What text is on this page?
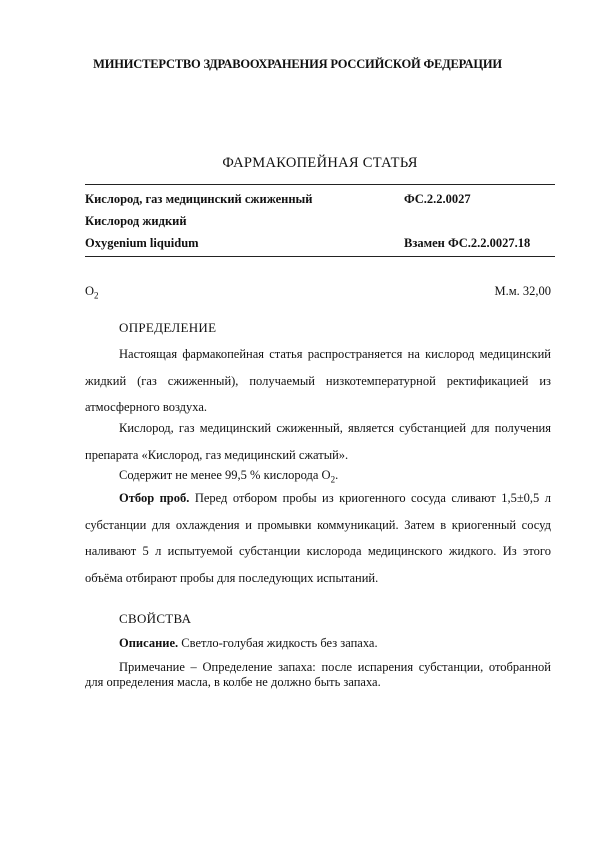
МИНИСТЕРСТВО ЗДРАВООХРАНЕНИЯ РОССИЙСКОЙ ФЕДЕРАЦИИ
ФАРМАКОПЕЙНАЯ СТАТЬЯ
Кислород, газ медицинский сжиженный	ФС.2.2.0027
Кислород жидкий
Oxygenium liquidum	Взамен ФС.2.2.0027.18
$O_2$	М.м. 32,00
ОПРЕДЕЛЕНИЕ
Настоящая фармакопейная статья распространяется на кислород медицинский жидкий (газ сжиженный), получаемый низкотемпературной ректификацией из атмосферного воздуха.
Кислород, газ медицинский сжиженный, является субстанцией для получения препарата «Кислород, газ медицинский сжатый».
Содержит не менее 99,5 % кислорода $O_2$.
Отбор проб. Перед отбором пробы из криогенного сосуда сливают 1,5±0,5 л субстанции для охлаждения и промывки коммуникаций. Затем в криогенный сосуд наливают 5 л испытуемой субстанции кислорода медицинского жидкого. Из этого объёма отбирают пробы для последующих испытаний.
СВОЙСТВА
Описание. Светло-голубая жидкость без запаха.
Примечание – Определение запаха: после испарения субстанции, отобранной для определения масла, в колбе не должно быть запаха.
